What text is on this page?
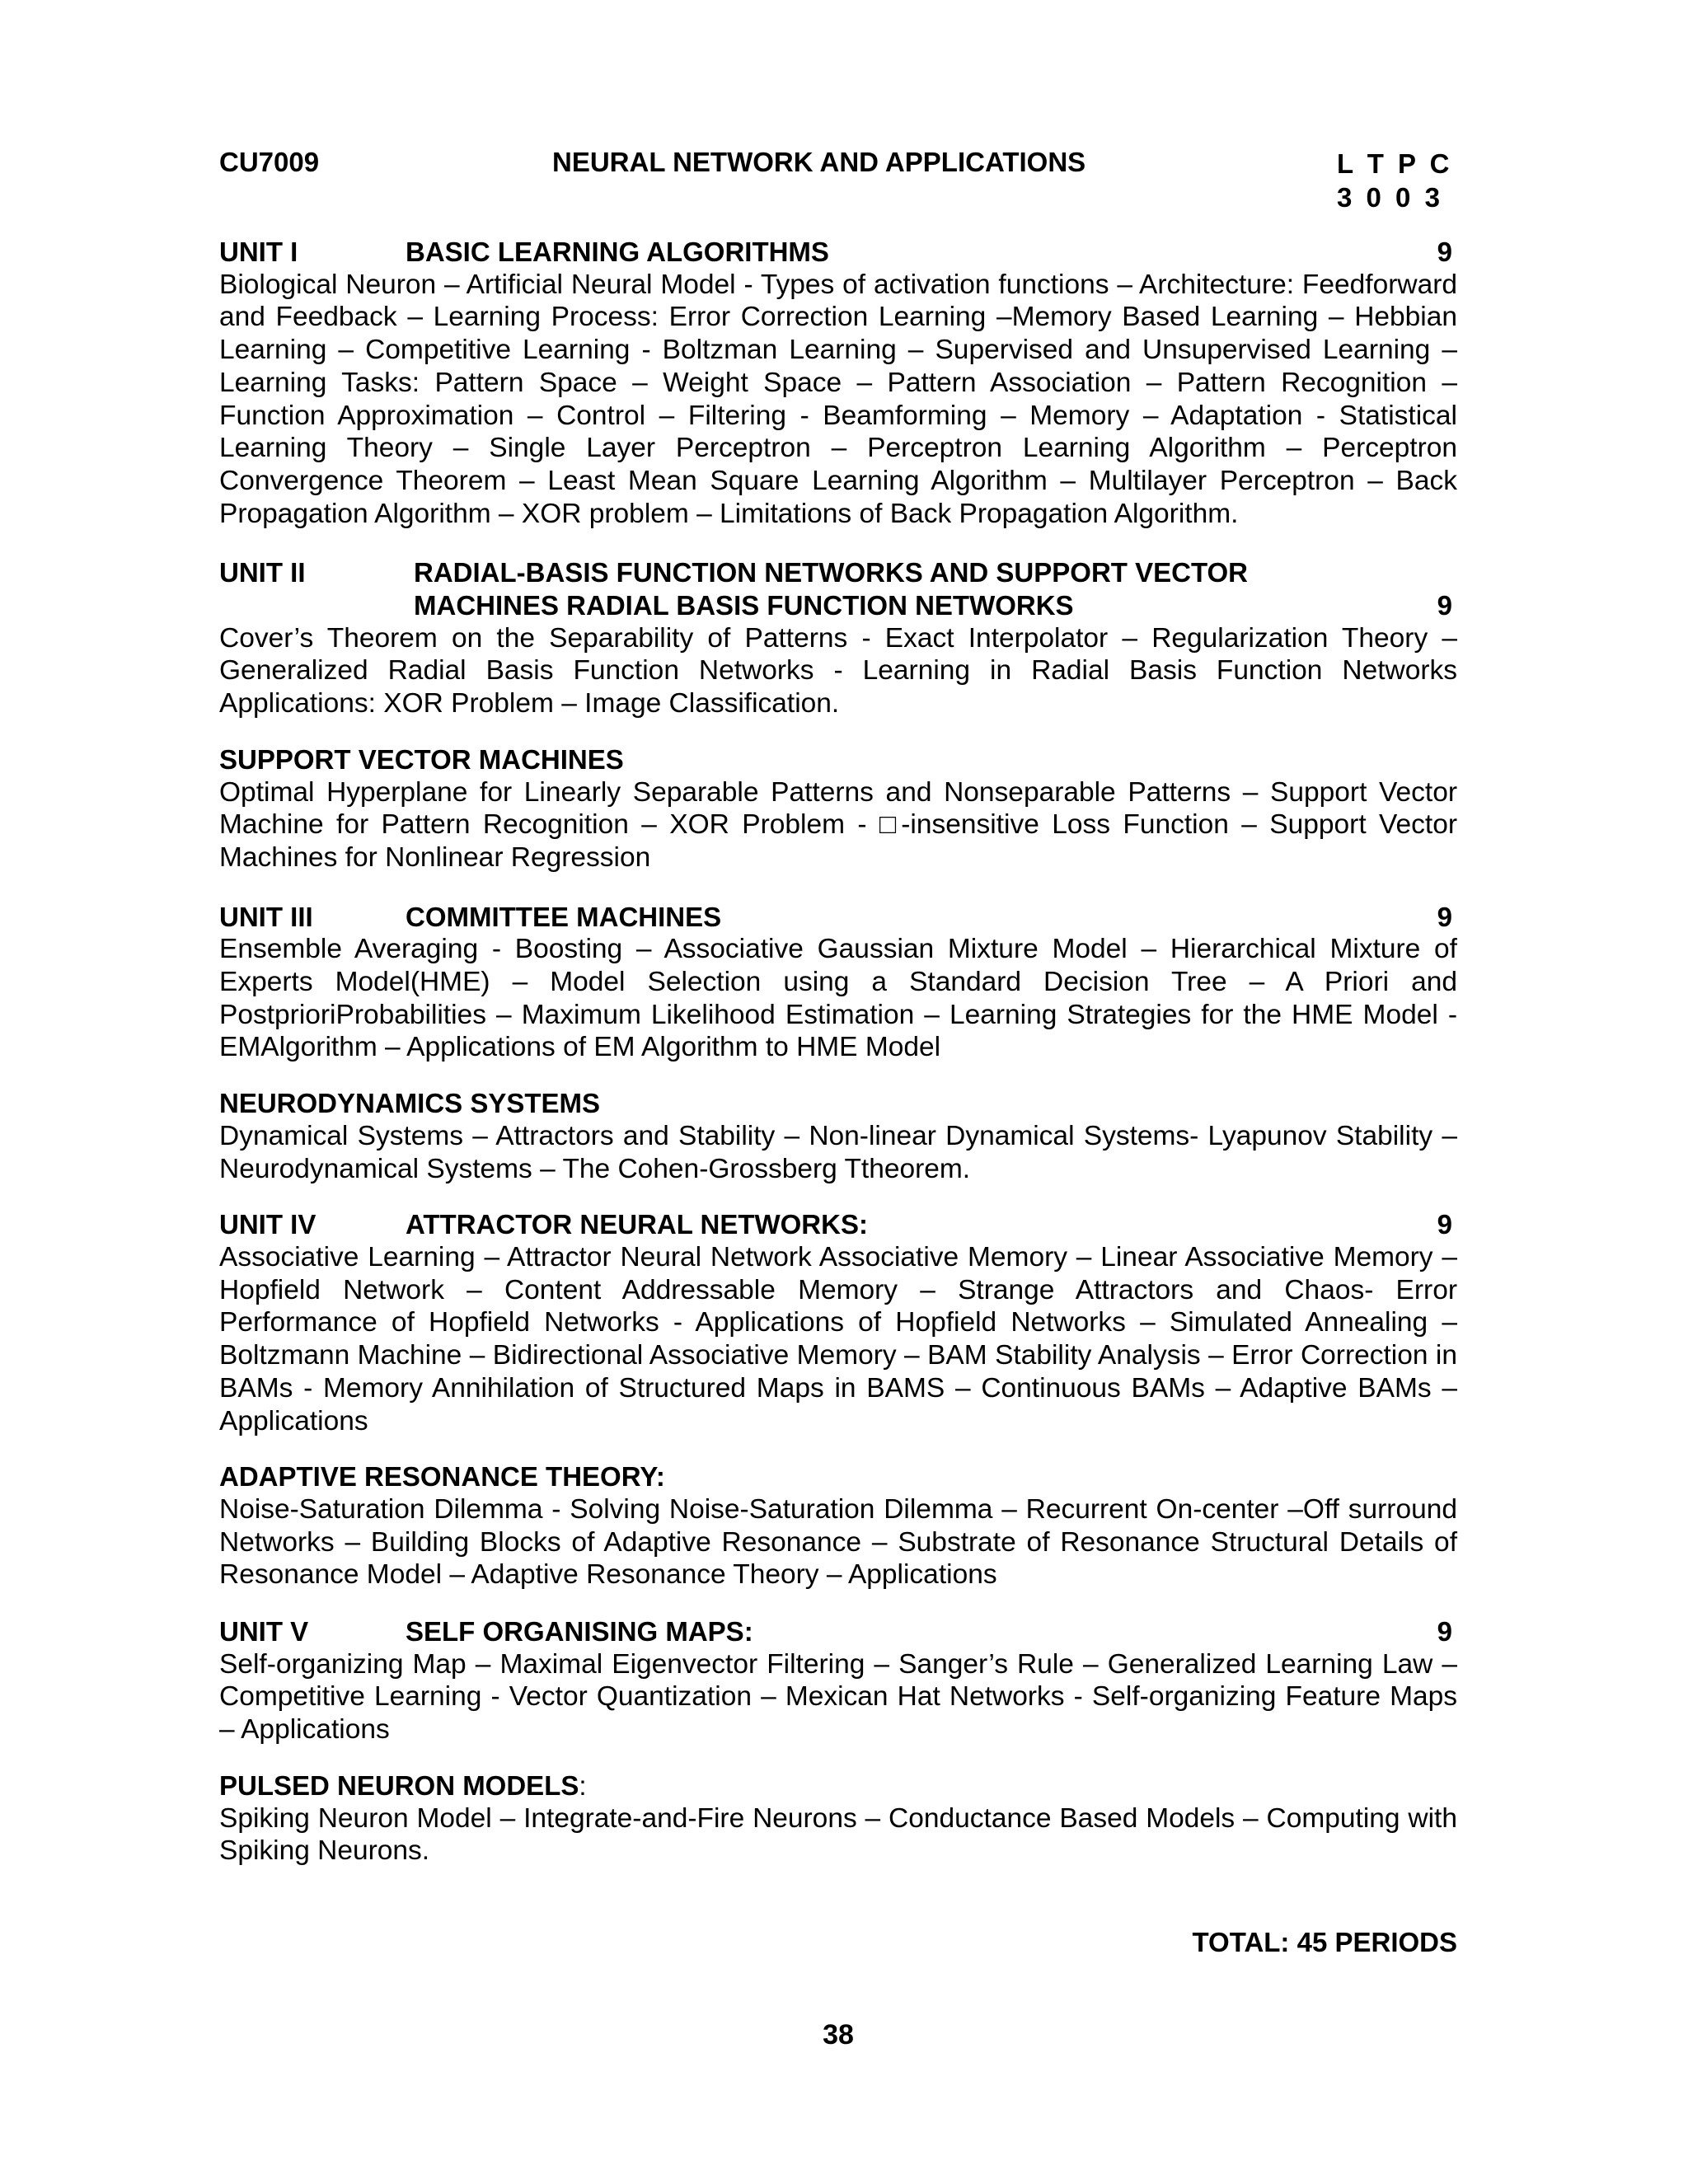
CU7009	NEURAL NETWORK AND APPLICATIONS	L T P C
3 0 0 3
UNIT I	BASIC LEARNING ALGORITHMS	9

Biological Neuron – Artificial Neural Model - Types of activation functions – Architecture: Feedforward and Feedback – Learning Process: Error Correction Learning –Memory Based Learning – Hebbian Learning – Competitive Learning - Boltzman Learning – Supervised and Unsupervised Learning – Learning Tasks: Pattern Space – Weight Space – Pattern Association – Pattern Recognition – Function Approximation – Control – Filtering - Beamforming – Memory – Adaptation - Statistical Learning Theory – Single Layer Perceptron – Perceptron Learning Algorithm – Perceptron Convergence Theorem – Least Mean Square Learning Algorithm – Multilayer Perceptron – Back Propagation Algorithm – XOR problem – Limitations of Back Propagation Algorithm.

UNIT II	RADIAL-BASIS FUNCTION NETWORKS AND SUPPORT VECTOR
MACHINES RADIAL BASIS FUNCTION NETWORKS	9

Cover’s Theorem on the Separability of Patterns - Exact Interpolator – Regularization Theory – Generalized Radial Basis Function Networks - Learning in Radial Basis Function Networks Applications: XOR Problem – Image Classification.

SUPPORT VECTOR MACHINES

Optimal Hyperplane for Linearly Separable Patterns and Nonseparable Patterns – Support Vector Machine for Pattern Recognition – XOR Problem - □-insensitive Loss Function – Support Vector Machines for Nonlinear Regression

UNIT III	COMMITTEE MACHINES	9

Ensemble Averaging - Boosting – Associative Gaussian Mixture Model – Hierarchical Mixture of Experts Model(HME) – Model Selection using a Standard Decision Tree – A Priori and PostprioriProbabilities – Maximum Likelihood Estimation – Learning Strategies for the HME Model - EMAlgorithm – Applications of EM Algorithm to HME Model

NEURODYNAMICS SYSTEMS

Dynamical Systems – Attractors and Stability – Non-linear Dynamical Systems- Lyapunov Stability – Neurodynamical Systems – The Cohen-Grossberg Ttheorem.

UNIT IV	ATTRACTOR NEURAL NETWORKS:	9

Associative Learning – Attractor Neural Network Associative Memory – Linear Associative Memory – Hopfield Network – Content Addressable Memory – Strange Attractors and Chaos- Error Performance of Hopfield Networks - Applications of Hopfield Networks – Simulated Annealing – Boltzmann Machine – Bidirectional Associative Memory – BAM Stability Analysis – Error Correction in BAMs - Memory Annihilation of Structured Maps in BAMS – Continuous BAMs – Adaptive BAMs – Applications

ADAPTIVE RESONANCE THEORY:

Noise-Saturation Dilemma - Solving Noise-Saturation Dilemma – Recurrent On-center –Off surround Networks – Building Blocks of Adaptive Resonance – Substrate of Resonance Structural Details of Resonance Model – Adaptive Resonance Theory – Applications

UNIT V	SELF ORGANISING MAPS:	9

Self-organizing Map – Maximal Eigenvector Filtering – Sanger’s Rule – Generalized Learning Law – Competitive Learning - Vector Quantization – Mexican Hat Networks - Self-organizing Feature Maps – Applications

PULSED NEURON MODELS:

Spiking Neuron Model – Integrate-and-Fire Neurons – Conductance Based Models – Computing with Spiking Neurons.

TOTAL: 45 PERIODS
38
